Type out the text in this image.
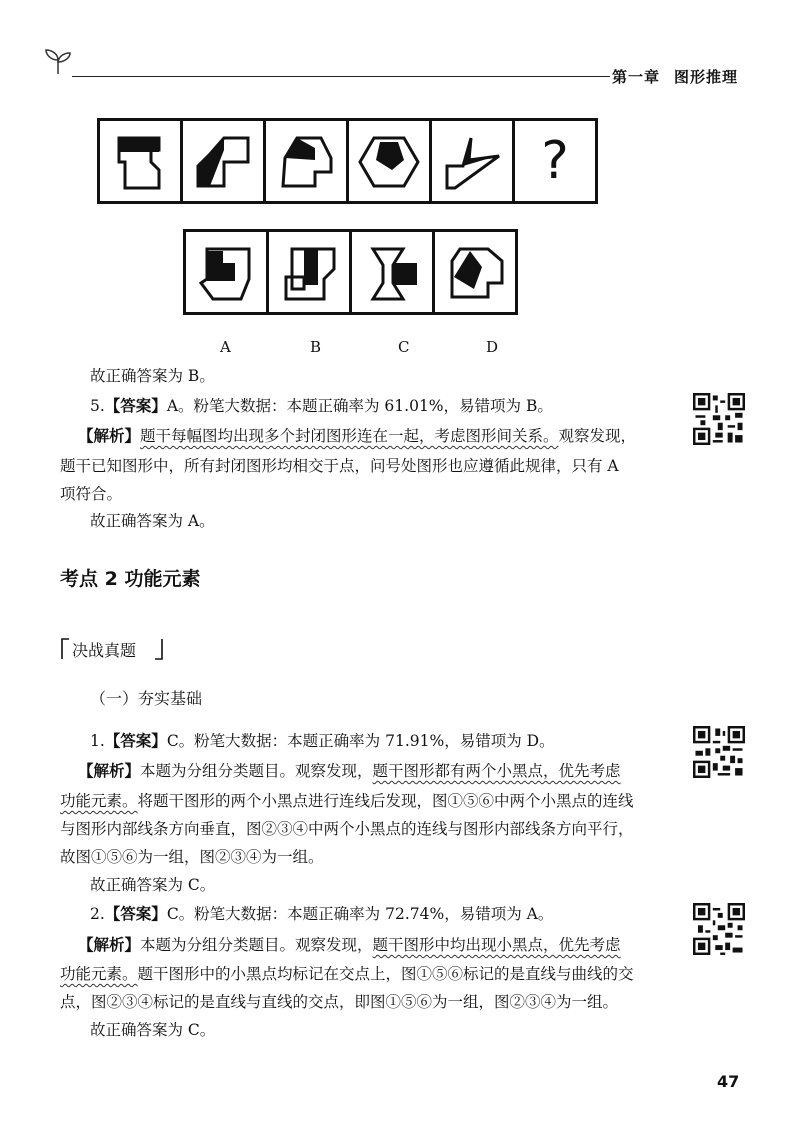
第一章 图形推理
?
A	B	C	D
故正确答案为 B。
5.【答案】A。粉笔大数据：本题正确率为 61.01%，易错项为 B。
【解析】题干每幅图均出现多个封闭图形连在一起，考虑图形间关系。观察发现，
题干已知图形中，所有封闭图形均相交于点，问号处图形也应遵循此规律，只有 A
项符合。
故正确答案为 A。
考点 2 功能元素
决战真题
（一）夯实基础
1.【答案】C。粉笔大数据：本题正确率为 71.91%，易错项为 D。
【解析】本题为分组分类题目。观察发现，题干图形都有两个小黑点，优先考虑
功能元素。将题干图形的两个小黑点进行连线后发现，图①⑤⑥中两个小黑点的连线
与图形内部线条方向垂直，图②③④中两个小黑点的连线与图形内部线条方向平行，
故图①⑤⑥为一组，图②③④为一组。
故正确答案为 C。
2.【答案】C。粉笔大数据：本题正确率为 72.74%，易错项为 A。
【解析】本题为分组分类题目。观察发现，题干图形中均出现小黑点，优先考虑
功能元素。题干图形中的小黑点均标记在交点上，图①⑤⑥标记的是直线与曲线的交
点，图②③④标记的是直线与直线的交点，即图①⑤⑥为一组，图②③④为一组。
故正确答案为 C。
47
